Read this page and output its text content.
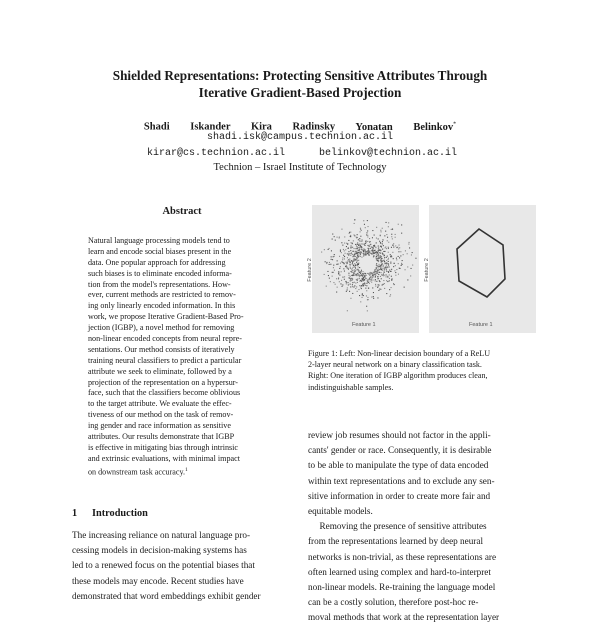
Shielded Representations: Protecting Sensitive Attributes Through
Iterative Gradient-Based Projection
Shadi Iskander Kira Radinsky Yonatan Belinkov*
shadi.isk@campus.technion.ac.il
kirar@cs.technion.ac.il	belinkov@technion.ac.il
Technion – Israel Institute of Technology
Abstract
Natural language processing models tend to
learn and encode social biases present in the
data. One popular approach for addressing
such biases is to eliminate encoded informa-
tion from the model's representations. How-
ever, current methods are restricted to remov-
ing only linearly encoded information. In this
work, we propose Iterative Gradient-Based Pro-
jection (IGBP), a novel method for removing
non-linear encoded concepts from neural repre-
sentations. Our method consists of iteratively
training neural classifiers to predict a particular
attribute we seek to eliminate, followed by a
projection of the representation on a hypersur-
face, such that the classifiers become oblivious
to the target attribute. We evaluate the effec-
tiveness of our method on the task of remov-
ing gender and race information as sensitive
attributes. Our results demonstrate that IGBP
is effective in mitigating bias through intrinsic
and extrinsic evaluations, with minimal impact
on downstream task accuracy.$^1$
1 Introduction
The increasing reliance on natural language pro-
cessing models in decision-making systems has
led to a renewed focus on the potential biases that
these models may encode. Recent studies have
demonstrated that word embeddings exhibit gender
Feature 1
Feature 2
Feature 1
Feature 2
Figure 1: Left: Non-linear decision boundary of a ReLU
2-layer neural network on a binary classification task.
Right: One iteration of IGBP algorithm produces clean,
indistinguishable samples.
review job resumes should not factor in the appli-
cants' gender or race. Consequently, it is desirable
to be able to manipulate the type of data encoded
within text representations and to exclude any sen-
sitive information in order to create more fair and
equitable models.
Removing the presence of sensitive attributes
from the representations learned by deep neural
networks is non-trivial, as these representations are
often learned using complex and hard-to-interpret
non-linear models. Re-training the language model
can be a costly solution, therefore post-hoc re-
moval methods that work at the representation layer
